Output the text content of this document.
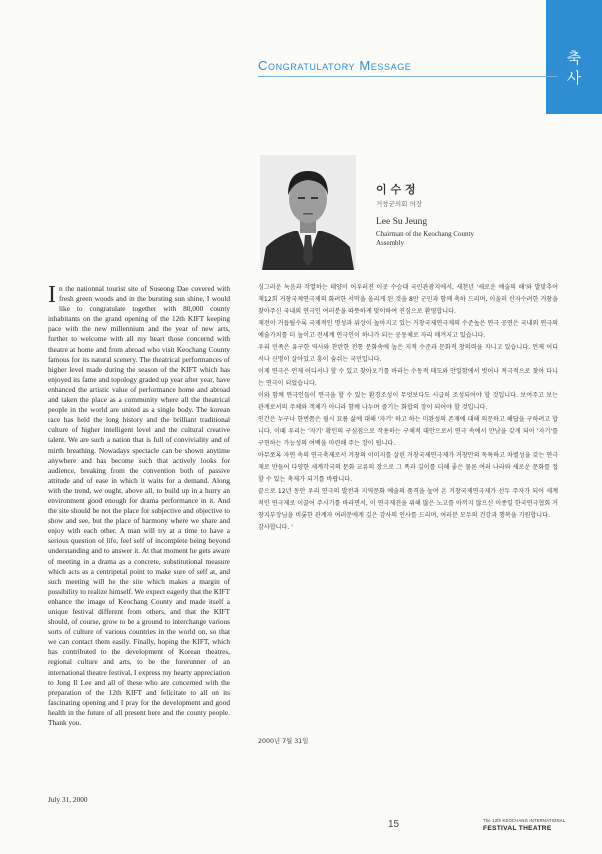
축
사
Congratulatory Message
이 수 정
거창군의회 의장
Lee Su Jeung
Chairman of the Keochang County Assembly
In the nationnal tourist site of Suseong Dae covered with fresh green woods and in the bursting sun shine, I would like to congratulate together with 80,000 county inhabitants on the grand opening of the 12th KIFT keeping pace with the new millennium and the year of new arts, further to welcome with all my heart those concernd with theatre at home and from abroad who visit Keochang County famous for its natural scenery. The theatrical performances of higher level made during the season of the KIFT which has enjoyed its fame and topology graded up year after year, have enhanced the artistic value of performance home and abroad and taken the place as a community where all the theatrical people in the world are united as a single body. The korean race has held the long history and the brilliant traditional culture of higher intelligent level and the cultural creative talent. We are such a nation that is full of conviviality and of mirth breathing. Nowadays spectacle can be shown anytime anywhere and has become such that actively looks for audience, breaking from the convention both of passive attitude and of ease in which it waits for a demand. Along with the trend, we ought, above all, to build up in a hurry an environment good enough for drama performance in it. And the site should be not the place for subjective and objective to show and see, but the place of harmony where we share and enjoy with each other. A man will try at a time to have a serious question of life, feel self of incomplete being beyond understanding and to answer it. At that moment he gets aware of meeting in a drama as a concrete, substitutional measure which acts as a centripetal point to make sure of self at, and such meeting will be the site which makes a margin of possibility to realize himself. We expect eagerly that the KIFT enhance the image of Keochang County and made itself a unique festival different from others, and that the KIFT should, of course, grow to be a ground to interchange various sorts of culture of various countries in the world on, so that we can contact them easily. Finally, hoping the KIFT, which has contributed to the development of Korean theatres, regional culture and arts, to be the forerunner of an international theatre festival, I express my hearty appreciation to Jong Il Lee and all of these who are concerned with the preparation of the 12th KIFT and felicitate to all on its fascinating opening and I pray for the development and good health in the future of all present here and the county people. Thank you.
July 31, 2000

싱그러운 녹음과 작열하는 태양이 어우러진 이곳 수승대 국민관광지에서, 새천년 '새로운 예술의 해'와 발맞추어 제12회 거창국제연극제의 화려한 서막을 올리게 된 것을 8만 군민과 함께 축하 드리며, 이울러 산자수려한 거창을 찾아주신 국내외 연극인 여러분을 따뜻하게 맞이하여 진심으로 환영합니다.

제전이 거듭될수록 국제적인 명성과 위상이 높아지고 있는 거창국제연극제의 수준높은 연극 공연은 국내외 연극의 예술가치를 더 높이고 전세계 연극인이 하나가 되는 공동체로 자리 매겨지고 있습니다.

우리 민족은 유구한 역사와 찬란한 전통 문화속에 높은 지적 수준과 문화적 창의력을 지니고 있습니다. 언제 어디서나 신명이 살아있고 흥이 숨쉬는 국민입니다.

이제 연극은 언제 어디서나 할 수 있고 찾아오기를 바라는 수동적 태도와 안일함에서 벗어나 적극적으로 찾아 다니는 연극이 되었습니다.

이와 함께 연극인들이 연극을 할 수 있는 환경조성이 무엇보다도 시급히 조성되어야 할 것입니다. 보여주고 보는 관계로서의 주체와 객체가 아니라 함께 나누며 즐기는 화합의 장이 되어야 할 것입니다.

인간은 누구나 한번쯤은 필시 묘름 삶에 대해 '자기' 하고 하는 미완성의 존재에 대해 의문하고 해답을 구하려고 합니다. 이때 우리는 '자기' 확인의 구심점으로 작용하는 구체적 대안으로서 연극 속에서 만남을 갖게 되어 '자기'를 구현하는 가능성의 여백을 마련해 주는 장이 됩니다.

아무쪼록 자연 속의 연극축제로서 거창의 이미지를 살린 거창국제연극제가 거창만의 독특하고 차별성을 갖는 연극제로 만들어 다양한 세계각국의 문화 교류의 장으로 그 폭과 깊이를 더해 좋은 물론 여러 나라와 새로운 문화를 접할 수 있는 축제가 되기를 바랍니다.

끝으로 12년 동안 우리 연극의 발전과 지역문화 예술의 품격을 높여 온 거창국제연극제가 선두 주자가 되어 세계적인 연극제로 이끌어 주시기를 바라면서, 이 연극제전을 위해 많은 노고를 아끼지 않으신 이종일 한국연극협회 거창지부장님을 비롯한 관계자 여러분에게 깊은 감사의 인사를 드리며, 여러분 모두의 건강과 행복을 기원합니다.

감사합니다. '

2000년 7월 31일
15	The 12th KEOCHANG INTERNATIONAL
FESTIVAL THEATRE
